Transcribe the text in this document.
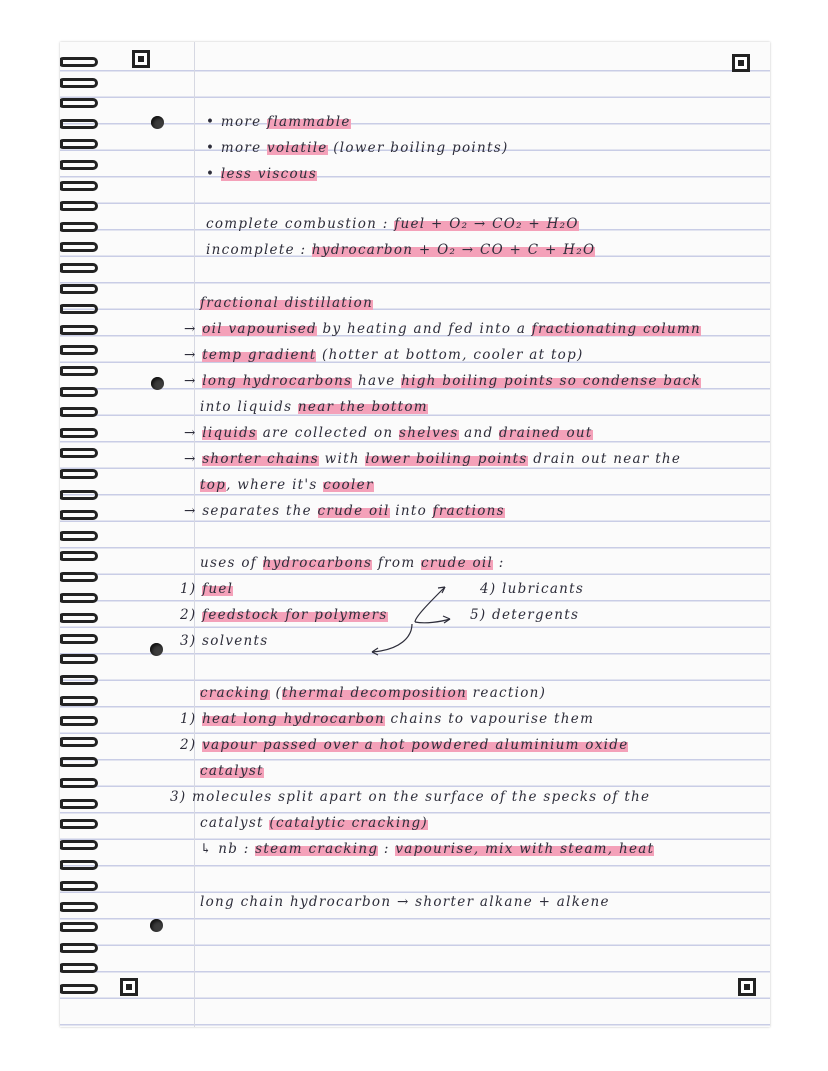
• more flammable

• more volatile (lower boiling points)

• less viscous

complete combustion : fuel + O₂ → CO₂ + H₂O

incomplete : hydrocarbon + O₂ → CO + C + H₂O

fractional distillation

→ oil vapourised by heating and fed into a fractionating column

→ temp gradient (hotter at bottom, cooler at top)

→ long hydrocarbons have high boiling points so condense back

into liquids near the bottom

→ liquids are collected on shelves and drained out

→ shorter chains with lower boiling points drain out near the

top, where it's cooler

→ separates the crude oil into fractions

uses of hydrocarbons from crude oil :

1) fuel	4) lubricants

2) feedstock for polymers	5) detergents

3) solvents

cracking (thermal decomposition reaction)

1) heat long hydrocarbon chains to vapourise them

2) vapour passed over a hot powdered aluminium oxide

catalyst

3) molecules split apart on the surface of the specks of the

catalyst (catalytic cracking)

↳ nb : steam cracking : vapourise, mix with steam, heat

long chain hydrocarbon → shorter alkane + alkene
